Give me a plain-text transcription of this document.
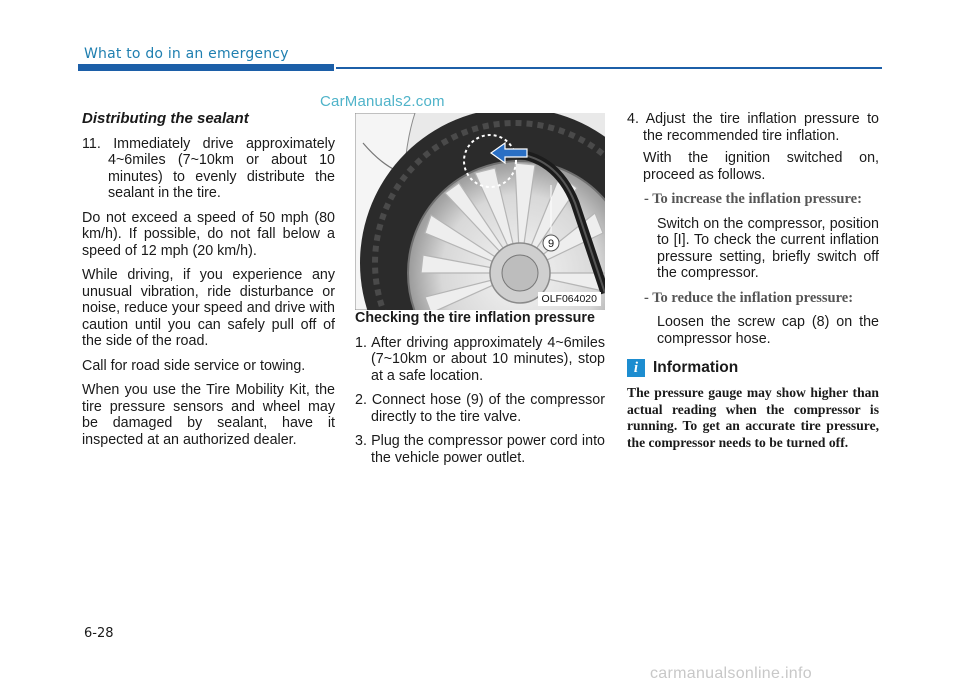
What to do in an emergency
CarManuals2.com

Distributing the sealant

11. Immediately drive approximately 4~6miles (7~10km or about 10 minutes) to evenly distribute the sealant in the tire.

Do not exceed a speed of 50 mph (80 km/h). If possible, do not fall below a speed of 12 mph (20 km/h).

While driving, if you experience any unusual vibration, ride disturbance or noise, reduce your speed and drive with caution until you can safely pull off of the side of the road.

Call for road side service or towing.

When you use the Tire Mobility Kit, the tire pressure sensors and wheel may be damaged by sealant, have it inspected at an authorized dealer.

9
OLF064020

Checking the tire inflation pressure

1. After driving approximately 4~6miles (7~10km or about 10 minutes), stop at a safe location.

2. Connect hose (9) of the compressor directly to the tire valve.

3. Plug the compressor power cord into the vehicle power outlet.

4. Adjust the tire inflation pressure to the recommended tire inflation.

With the ignition switched on, proceed as follows.

- To increase the inflation pressure:

Switch on the compressor, position to [I]. To check the current inflation pressure setting, briefly switch off the compressor.

- To reduce the inflation pressure:

Loosen the screw cap (8) on the compressor hose.

i Information
The pressure gauge may show higher than actual reading when the compressor is running. To get an accurate tire pressure, the compressor needs to be turned off.
6-28
carmanualsonline.info
